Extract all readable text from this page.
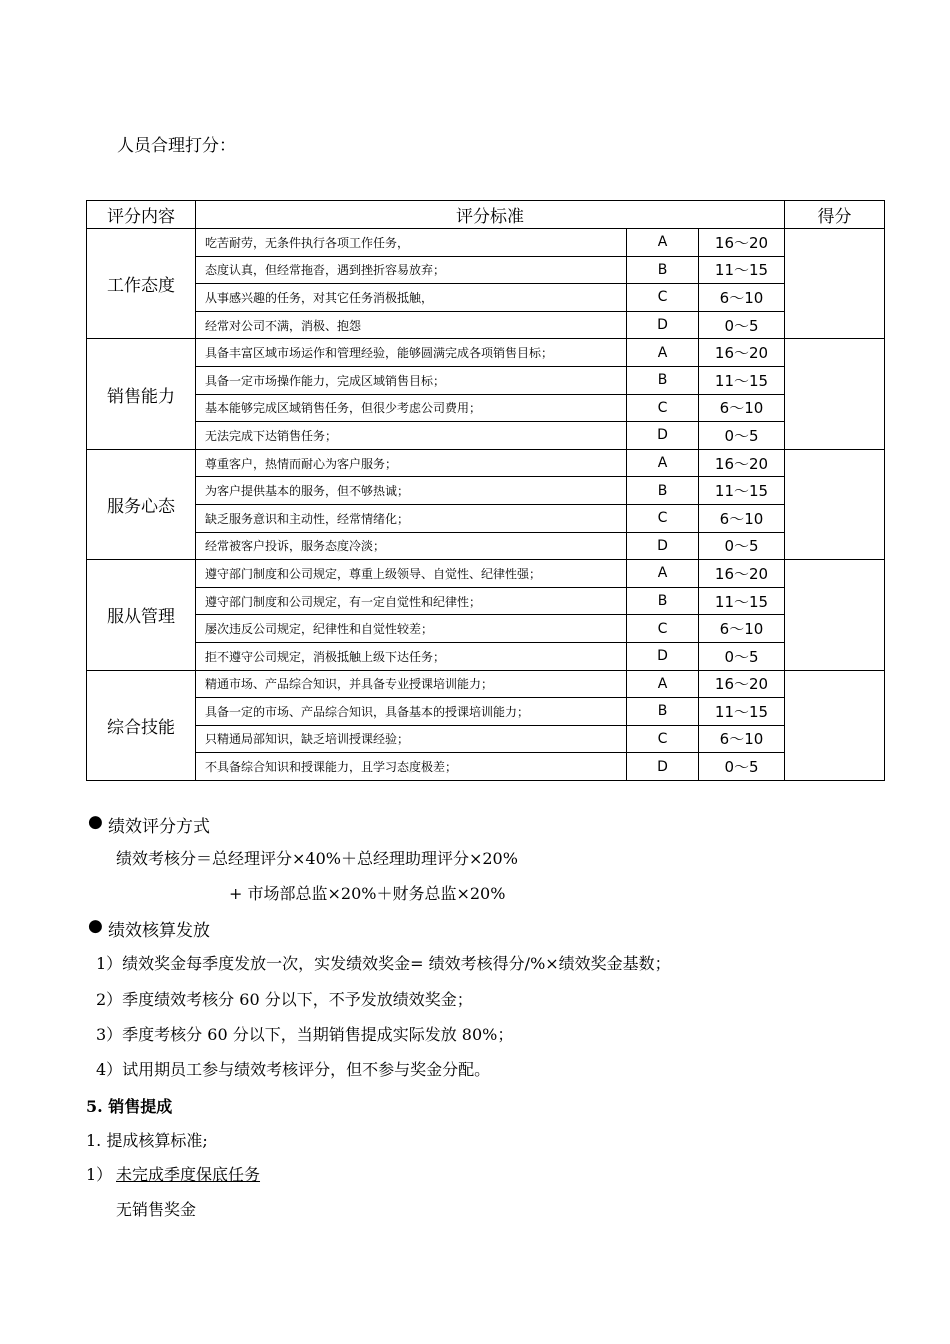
人员合理打分：
评分内容	评分标准			得分
工作态度	吃苦耐劳，无条件执行各项工作任务，	A	16～20	
	态度认真，但经常拖沓，遇到挫折容易放弃；	B	11～15	
	从事感兴趣的任务，对其它任务消极抵触，	C	6～10	
	经常对公司不满，消极、抱怨	D	0～5	
销售能力	具备丰富区域市场运作和管理经验，能够圆满完成各项销售目标；	A	16～20	
	具备一定市场操作能力，完成区域销售目标；	B	11～15	
	基本能够完成区域销售任务，但很少考虑公司费用；	C	6～10	
	无法完成下达销售任务；	D	0～5	
服务心态	尊重客户，热情而耐心为客户服务；	A	16～20	
	为客户提供基本的服务，但不够热诚；	B	11～15	
	缺乏服务意识和主动性，经常情绪化；	C	6～10	
	经常被客户投诉，服务态度冷淡；	D	0～5	
服从管理	遵守部门制度和公司规定，尊重上级领导、自觉性、纪律性强；	A	16～20	
	遵守部门制度和公司规定，有一定自觉性和纪律性；	B	11～15	
	屡次违反公司规定，纪律性和自觉性较差；	C	6～10	
	拒不遵守公司规定，消极抵触上级下达任务；	D	0～5	
综合技能	精通市场、产品综合知识，并具备专业授课培训能力；	A	16～20	
	具备一定的市场、产品综合知识，具备基本的授课培训能力；	B	11～15	
	只精通局部知识，缺乏培训授课经验；	C	6～10	
	不具备综合知识和授课能力，且学习态度极差；	D	0～5	
● 绩效评分方式
绩效考核分＝总经理评分×40%＋总经理助理评分×20%
+ 市场部总监×20%＋财务总监×20%
● 绩效核算发放
1）绩效奖金每季度发放一次，实发绩效奖金= 绩效考核得分/%×绩效奖金基数；
2）季度绩效考核分 60 分以下，不予发放绩效奖金；
3）季度考核分 60 分以下，当期销售提成实际发放 80%；
4）试用期员工参与绩效考核评分，但不参与奖金分配。
5. 销售提成
1. 提成核算标准;
1） 未完成季度保底任务
无销售奖金
